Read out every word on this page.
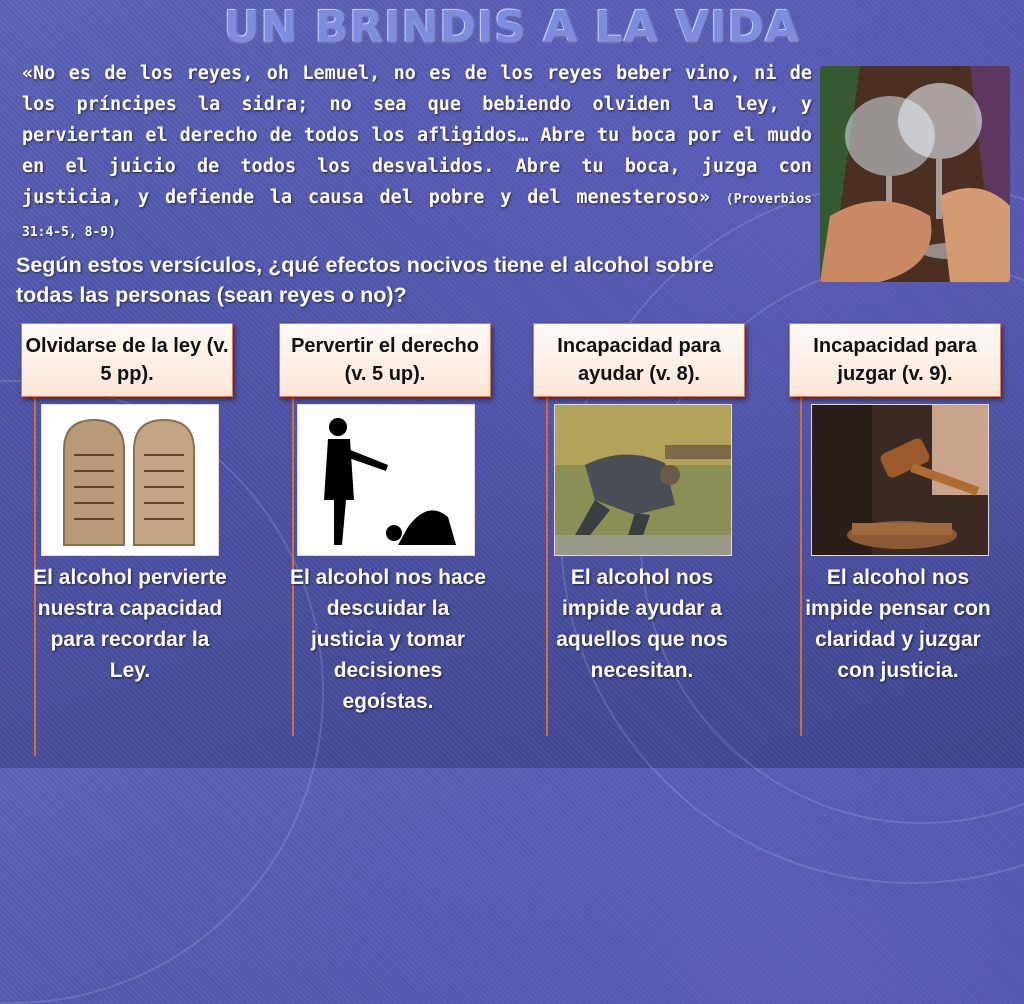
UN BRINDIS A LA VIDA
«No es de los reyes, oh Lemuel, no es de los reyes beber vino, ni de los príncipes la sidra; no sea que bebiendo olviden la ley, y perviertan el derecho de todos los afligidos… Abre tu boca por el mudo en el juicio de todos los desvalidos. Abre tu boca, juzga con justicia, y defiende la causa del pobre y del menesteroso» (Proverbios 31:4-5, 8-9)
Según estos versículos, ¿qué efectos nocivos tiene el alcohol sobre todas las personas (sean reyes o no)?
Olvidarse de la ley (v. 5 pp).
El alcohol pervierte nuestra capacidad para recordar la Ley.
Pervertir el derecho (v. 5 up).
El alcohol nos hace descuidar la justicia y tomar decisiones egoístas.
Incapacidad para ayudar (v. 8).
El alcohol nos impide ayudar a aquellos que nos necesitan.
Incapacidad para juzgar (v. 9).
El alcohol nos impide pensar con claridad y juzgar con justicia.
